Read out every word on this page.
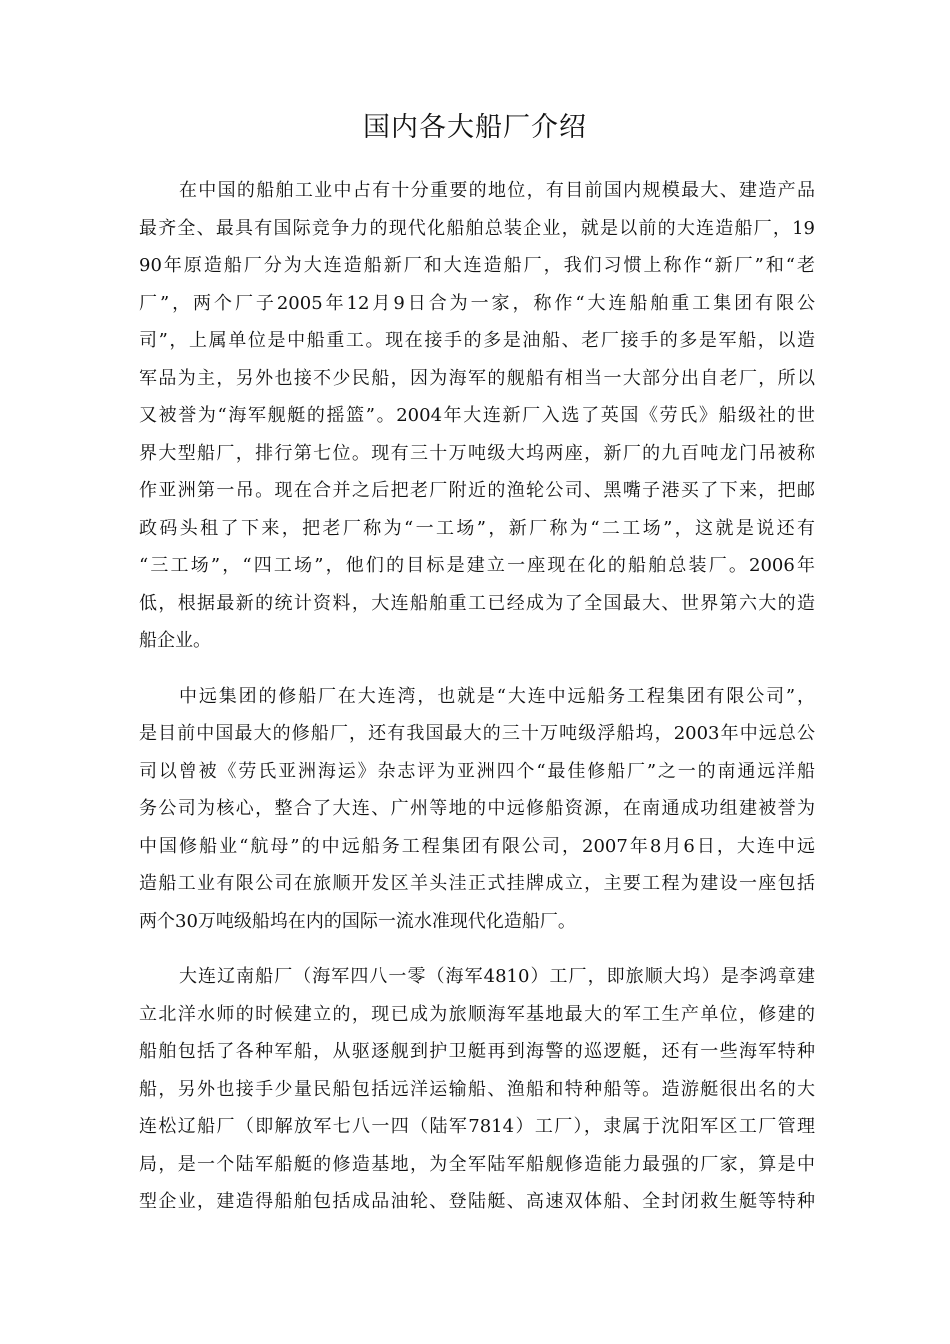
国内各大船厂介绍
在中国的船舶工业中占有十分重要的地位，有目前国内规模最大、建造产品
最齐全、最具有国际竞争力的现代化船舶总装企业，就是以前的大连造船厂，19
90年原造船厂分为大连造船新厂和大连造船厂，我们习惯上称作“新厂”和“老
厂”，两个厂子2005年12月9日合为一家，称作“大连船舶重工集团有限公
司”，上属单位是中船重工。现在接手的多是油船、老厂接手的多是军船，以造
军品为主，另外也接不少民船，因为海军的舰船有相当一大部分出自老厂，所以
又被誉为“海军舰艇的摇篮”。2004年大连新厂入选了英国《劳氏》船级社的世
界大型船厂，排行第七位。现有三十万吨级大坞两座，新厂的九百吨龙门吊被称
作亚洲第一吊。现在合并之后把老厂附近的渔轮公司、黑嘴子港买了下来，把邮
政码头租了下来，把老厂称为“一工场”，新厂称为“二工场”，这就是说还有
“三工场”，“四工场”，他们的目标是建立一座现在化的船舶总装厂。2006年
低，根据最新的统计资料，大连船舶重工已经成为了全国最大、世界第六大的造
船企业。
中远集团的修船厂在大连湾，也就是“大连中远船务工程集团有限公司”，
是目前中国最大的修船厂，还有我国最大的三十万吨级浮船坞，2003年中远总公
司以曾被《劳氏亚洲海运》杂志评为亚洲四个“最佳修船厂”之一的南通远洋船
务公司为核心，整合了大连、广州等地的中远修船资源，在南通成功组建被誉为
中国修船业“航母”的中远船务工程集团有限公司，2007年8月6日，大连中远
造船工业有限公司在旅顺开发区羊头洼正式挂牌成立，主要工程为建设一座包括
两个30万吨级船坞在内的国际一流水准现代化造船厂。
大连辽南船厂（海军四八一零（海军4810）工厂，即旅顺大坞）是李鸿章建
立北洋水师的时候建立的，现已成为旅顺海军基地最大的军工生产单位，修建的
船舶包括了各种军船，从驱逐舰到护卫艇再到海警的巡逻艇，还有一些海军特种
船，另外也接手少量民船包括远洋运输船、渔船和特种船等。造游艇很出名的大
连松辽船厂（即解放军七八一四（陆军7814）工厂），隶属于沈阳军区工厂管理
局，是一个陆军船艇的修造基地，为全军陆军船舰修造能力最强的厂家，算是中
型企业，建造得船舶包括成品油轮、登陆艇、高速双体船、全封闭救生艇等特种
